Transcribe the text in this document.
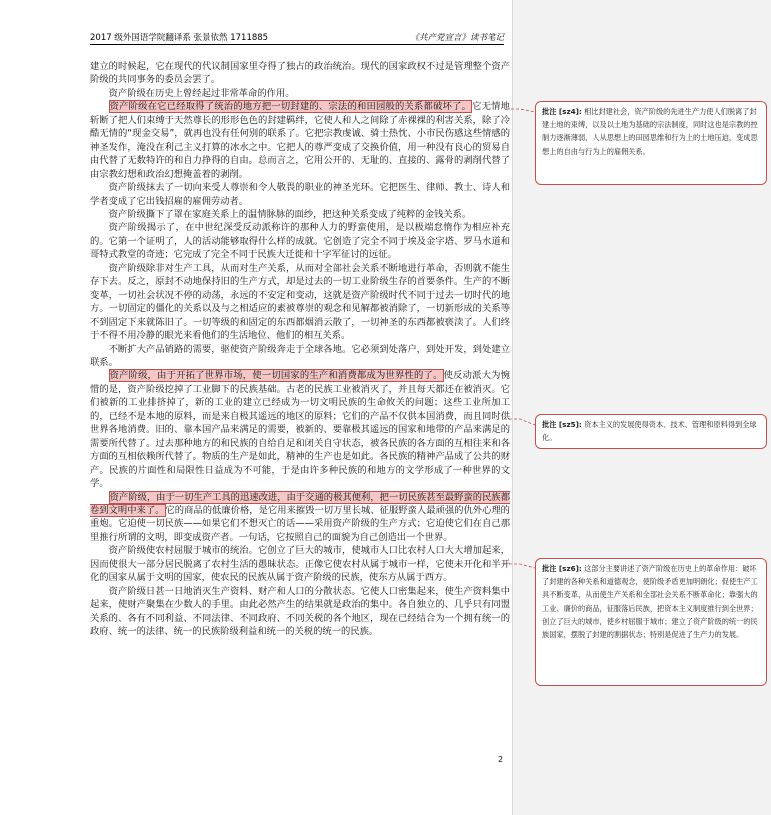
2017 级外国语学院翻译系 张景依然 1711885	《共产党宣言》读书笔记

建立的时候起，它在现代的代议制国家里夺得了独占的政治统治。现代的国家政权不过是管理整个资产阶级的共同事务的委员会罢了。

资产阶级在历史上曾经起过非常革命的作用。

资产阶级在它已经取得了统治的地方把一切封建的、宗法的和田园般的关系都破坏了。它无情地斩断了把人们束缚于天然尊长的形形色色的封建羁绊，它使人和人之间除了赤裸裸的利害关系，除了冷酷无情的“现金交易”，就再也没有任何别的联系了。它把宗教虔诚、骑士热忱、小市民伤感这些情感的神圣发作，淹没在利己主义打算的冰水之中。它把人的尊严变成了交换价值，用一种没有良心的贸易自由代替了无数特许的和自力挣得的自由。总而言之，它用公开的、无耻的、直接的、露骨的剥削代替了由宗教幻想和政治幻想掩盖着的剥削。

资产阶级抹去了一切向来受人尊崇和令人敬畏的职业的神圣光环。它把医生、律师、教士、诗人和学者变成了它出钱招雇的雇佣劳动者。

资产阶级撕下了罩在家庭关系上的温情脉脉的面纱，把这种关系变成了纯粹的金钱关系。

资产阶级揭示了，在中世纪深受反动派称许的那种人力的野蛮使用，是以极端怠惰作为相应补充的。它第一个证明了，人的活动能够取得什么样的成就。它创造了完全不同于埃及金字塔、罗马水道和哥特式教堂的奇迹；它完成了完全不同于民族大迁徙和十字军征讨的远征。

资产阶级除非对生产工具，从而对生产关系，从而对全部社会关系不断地进行革命，否则就不能生存下去。反之，原封不动地保持旧的生产方式，却是过去的一切工业阶级生存的首要条件。生产的不断变革，一切社会状况不停的动荡，永远的不安定和变动，这就是资产阶级时代不同于过去一切时代的地方。一切固定的僵化的关系以及与之相适应的素被尊崇的观念和见解都被消除了，一切新形成的关系等不到固定下来就陈旧了。一切等级的和固定的东西都烟消云散了，一切神圣的东西都被亵渎了。人们终于不得不用冷静的眼光来看他们的生活地位、他们的相互关系。

不断扩大产品销路的需要，驱使资产阶级奔走于全球各地。它必须到处落户，到处开发，到处建立联系。

资产阶级，由于开拓了世界市场，使一切国家的生产和消费都成为世界性的了。使反动派大为惋惜的是，资产阶级挖掉了工业脚下的民族基础。古老的民族工业被消灭了，并且每天都还在被消灭。它们被新的工业排挤掉了，新的工业的建立已经成为一切文明民族的生命攸关的问题；这些工业所加工的，已经不是本地的原料，而是来自极其遥远的地区的原料；它们的产品不仅供本国消费，而且同时供世界各地消费。旧的、靠本国产品来满足的需要，被新的、要靠极其遥远的国家和地带的产品来满足的需要所代替了。过去那种地方的和民族的自给自足和闭关自守状态，被各民族的各方面的互相往来和各方面的互相依赖所代替了。物质的生产是如此，精神的生产也是如此。各民族的精神产品成了公共的财产。民族的片面性和局限性日益成为不可能，于是由许多种民族的和地方的文学形成了一种世界的文学。

资产阶级，由于一切生产工具的迅速改进，由于交通的极其便利，把一切民族甚至最野蛮的民族都卷到文明中来了。它的商品的低廉价格，是它用来摧毁一切万里长城、征服野蛮人最顽强的仇外心理的重炮。它迫使一切民族——如果它们不想灭亡的话——采用资产阶级的生产方式；它迫使它们在自己那里推行所谓的文明，即变成资产者。一句话，它按照自己的面貌为自己创造出一个世界。

资产阶级使农村屈服于城市的统治。它创立了巨大的城市，使城市人口比农村人口大大增加起来，因而使很大一部分居民脱离了农村生活的愚昧状态。正像它使农村从属于城市一样，它使未开化和半开化的国家从属于文明的国家，使农民的民族从属于资产阶级的民族，使东方从属于西方。

资产阶级日甚一日地消灭生产资料、财产和人口的分散状态。它使人口密集起来，使生产资料集中起来，使财产聚集在少数人的手里。由此必然产生的结果就是政治的集中。各自独立的、几乎只有同盟关系的、各有不同利益、不同法律、不同政府、不同关税的各个地区，现在已经结合为一个拥有统一的政府、统一的法律、统一的民族阶级利益和统一的关税的统一的民族。

2
批注 [sz4]: 相比封建社会，资产阶级的先进生产力使人们脱离了封建土地的束缚，以及以土地为基础的宗法制度，同时这也是宗教的控制力逐渐薄弱，人从思想上的田园思维和行为上的土地压迫，变成思想上的自由与行为上的雇佣关系。
批注 [sz5]: 资本主义的发展使得资本、技术、管理和原料得到全球化。
批注 [sz6]: 这部分主要讲述了资产阶级在历史上的革命作用：破坏了封建的各种关系和道德观念，使阶级矛盾更加明朗化；促使生产工具不断变革，从而使生产关系和全部社会关系不断革命化；靠强大的工业、廉价的商品，征服落后民族，把资本主义制度推行到全世界；创立了巨大的城市，使乡村屈服于城市；建立了资产阶级的统一的民族国家，摆脱了封建的割据状态；特别是促进了生产力的发展。
